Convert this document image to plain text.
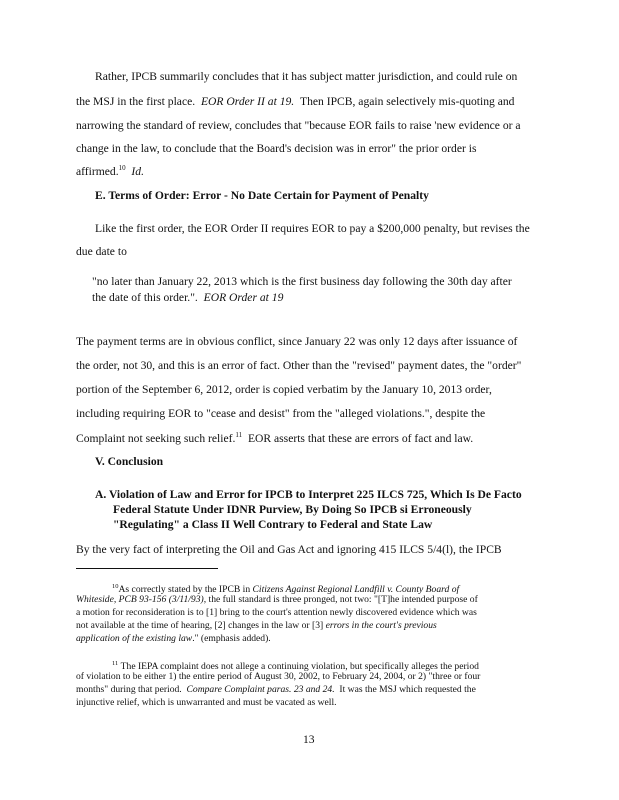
Rather, IPCB summarily concludes that it has subject matter jurisdiction, and could rule on
the MSJ in the first place. EOR Order II at 19. Then IPCB, again selectively mis-quoting and
narrowing the standard of review, concludes that "because EOR fails to raise 'new evidence or a
change in the law, to conclude that the Board's decision was in error" the prior order is
affirmed.$^{10}$ Id.
E. Terms of Order: Error - No Date Certain for Payment of Penalty
Like the first order, the EOR Order II requires EOR to pay a $200,000 penalty, but revises the
due date to
"no later than January 22, 2013 which is the first business day following the 30th day after
the date of this order.". EOR Order at 19
The payment terms are in obvious conflict, since January 22 was only 12 days after issuance of
the order, not 30, and this is an error of fact. Other than the "revised" payment dates, the "order"
portion of the September 6, 2012, order is copied verbatim by the January 10, 2013 order,
including requiring EOR to "cease and desist" from the "alleged violations.", despite the
Complaint not seeking such relief.$^{11}$ EOR asserts that these are errors of fact and law.
V. Conclusion
A. Violation of Law and Error for IPCB to Interpret 225 ILCS 725, Which Is De Facto
Federal Statute Under IDNR Purview, By Doing So IPCB si Erroneously
"Regulating" a Class II Well Contrary to Federal and State Law
By the very fact of interpreting the Oil and Gas Act and ignoring 415 ILCS 5/4(l), the IPCB
$^{10}$As correctly stated by the IPCB in Citizens Against Regional Landfill v. County Board of
Whiteside, PCB 93-156 (3/11/93), the full standard is three pronged, not two: "[T]he intended purpose of
a motion for reconsideration is to [1] bring to the court's attention newly discovered evidence which was
not available at the time of hearing, [2] changes in the law or [3] errors in the court's previous
application of the existing law." (emphasis added).
$^{11}$ The IEPA complaint does not allege a continuing violation, but specifically alleges the period
of violation to be either 1) the entire period of August 30, 2002, to February 24, 2004, or 2) "three or four
months" during that period. Compare Complaint paras. 23 and 24. It was the MSJ which requested the
injunctive relief, which is unwarranted and must be vacated as well.
13
